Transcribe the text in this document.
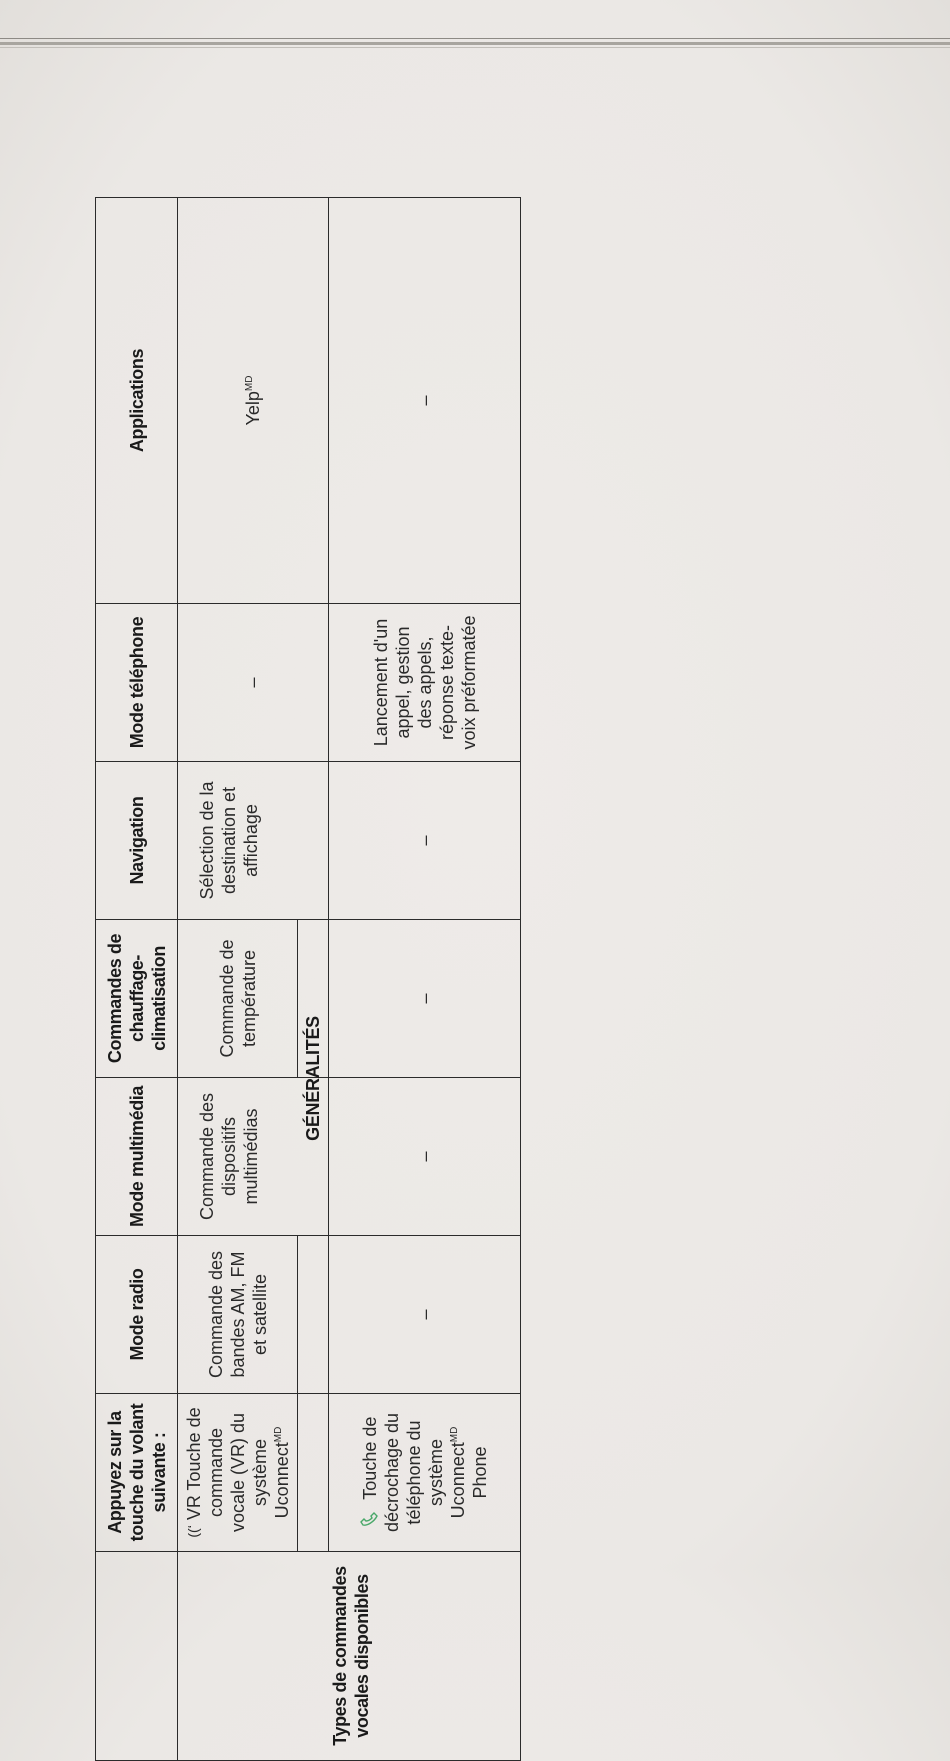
	Appuyez sur la touche du volant suivante :	Mode radio	Mode multimédia	Commandes de chauffage-climatisation	Navigation	Mode téléphone	Applications

Types de commandes vocales disponibles	((ʻ VR Touche de commande vocale (VR) du système Uconnect$^{MD}$	Commande des bandes AM, FM et satellite	Commande des dispositifs multimédias	Commande de température	Sélection de la destination et affichage	–	Yelp$^{MD}$
				GÉNÉRALITÉS			
	Touche de décrochage du téléphone du système Uconnect$^{MD}$ Phone	–	–	–	–	Lancement d'un appel, gestion des appels, réponse texte-voix préformatée	–
